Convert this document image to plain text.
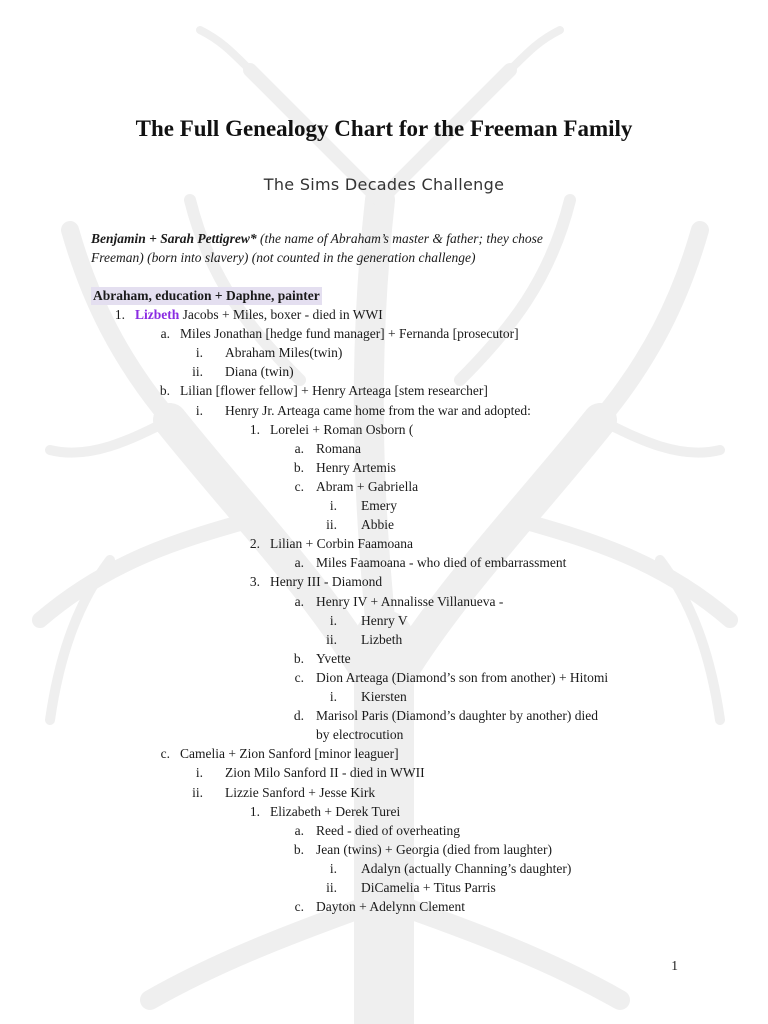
The Full Genealogy Chart for the Freeman Family
The Sims Decades Challenge
Benjamin + Sarah Pettigrew* (the name of Abraham’s master & father; they chose
Freeman) (born into slavery) (not counted in the generation challenge)
Abraham, education + Daphne, painter
1. Lizbeth Jacobs + Miles, boxer - died in WWI
a. Miles Jonathan [hedge fund manager] + Fernanda [prosecutor]
i. Abraham Miles(twin)
ii. Diana (twin)
b. Lilian [flower fellow] + Henry Arteaga [stem researcher]
i. Henry Jr. Arteaga came home from the war and adopted:
1. Lorelei + Roman Osborn (
a. Romana
b. Henry Artemis
c. Abram + Gabriella
i. Emery
ii. Abbie
2. Lilian + Corbin Faamoana
a. Miles Faamoana - who died of embarrassment
3. Henry III - Diamond
a. Henry IV + Annalisse Villanueva -
i. Henry V
ii. Lizbeth
b. Yvette
c. Dion Arteaga (Diamond’s son from another) + Hitomi
i. Kiersten
d. Marisol Paris (Diamond’s daughter by another) died
by electrocution
c. Camelia + Zion Sanford [minor leaguer]
i. Zion Milo Sanford II - died in WWII
ii. Lizzie Sanford + Jesse Kirk
1. Elizabeth + Derek Turei
a. Reed - died of overheating
b. Jean (twins) + Georgia (died from laughter)
i. Adalyn (actually Channing’s daughter)
ii. DiCamelia + Titus Parris
c. Dayton + Adelynn Clement
1
